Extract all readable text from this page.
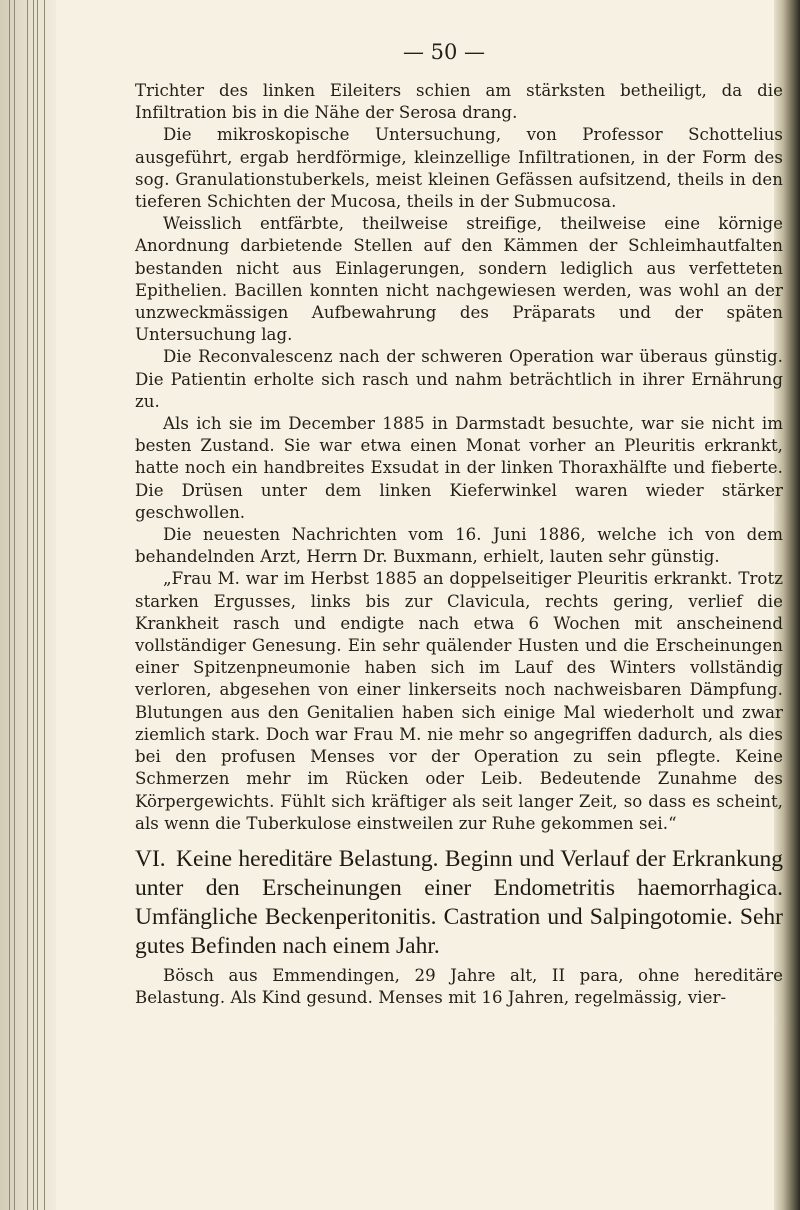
— 50 —

Trichter des linken Eileiters schien am stärksten betheiligt, da die Infiltration bis in die Nähe der Serosa drang.

Die mikroskopische Untersuchung, von Professor Schottelius ausgeführt, ergab herdförmige, kleinzellige Infiltrationen, in der Form des sog. Granulationstuberkels, meist kleinen Gefässen aufsitzend, theils in den tieferen Schichten der Mucosa, theils in der Submucosa.

Weisslich entfärbte, theilweise streifige, theilweise eine körnige Anordnung darbietende Stellen auf den Kämmen der Schleimhautfalten bestanden nicht aus Einlagerungen, sondern lediglich aus verfetteten Epithelien. Bacillen konnten nicht nachgewiesen werden, was wohl an der unzweckmässigen Aufbewahrung des Präparats und der späten Untersuchung lag.

Die Reconvalescenz nach der schweren Operation war überaus günstig. Die Patientin erholte sich rasch und nahm beträchtlich in ihrer Ernährung zu.

Als ich sie im December 1885 in Darmstadt besuchte, war sie nicht im besten Zustand. Sie war etwa einen Monat vorher an Pleuritis erkrankt, hatte noch ein handbreites Exsudat in der linken Thoraxhälfte und fieberte. Die Drüsen unter dem linken Kieferwinkel waren wieder stärker geschwollen.

Die neuesten Nachrichten vom 16. Juni 1886, welche ich von dem behandelnden Arzt, Herrn Dr. Buxmann, erhielt, lauten sehr günstig.

„Frau M. war im Herbst 1885 an doppelseitiger Pleuritis erkrankt. Trotz starken Ergusses, links bis zur Clavicula, rechts gering, verlief die Krankheit rasch und endigte nach etwa 6 Wochen mit anscheinend vollständiger Genesung. Ein sehr quälender Husten und die Erscheinungen einer Spitzenpneumonie haben sich im Lauf des Winters vollständig verloren, abgesehen von einer linkerseits noch nachweisbaren Dämpfung. Blutungen aus den Genitalien haben sich einige Mal wiederholt und zwar ziemlich stark. Doch war Frau M. nie mehr so angegriffen dadurch, als dies bei den profusen Menses vor der Operation zu sein pflegte. Keine Schmerzen mehr im Rücken oder Leib. Bedeutende Zunahme des Körpergewichts. Fühlt sich kräftiger als seit langer Zeit, so dass es scheint, als wenn die Tuberkulose einstweilen zur Ruhe gekommen sei.“

VI. Keine hereditäre Belastung. Beginn und Verlauf der Erkrankung unter den Erscheinungen einer Endometritis haemorrhagica. Umfängliche Beckenperitonitis. Castration und Salpingotomie. Sehr gutes Befinden nach einem Jahr.

Bösch aus Emmendingen, 29 Jahre alt, II para, ohne hereditäre Belastung. Als Kind gesund. Menses mit 16 Jahren, regelmässig, vier-
